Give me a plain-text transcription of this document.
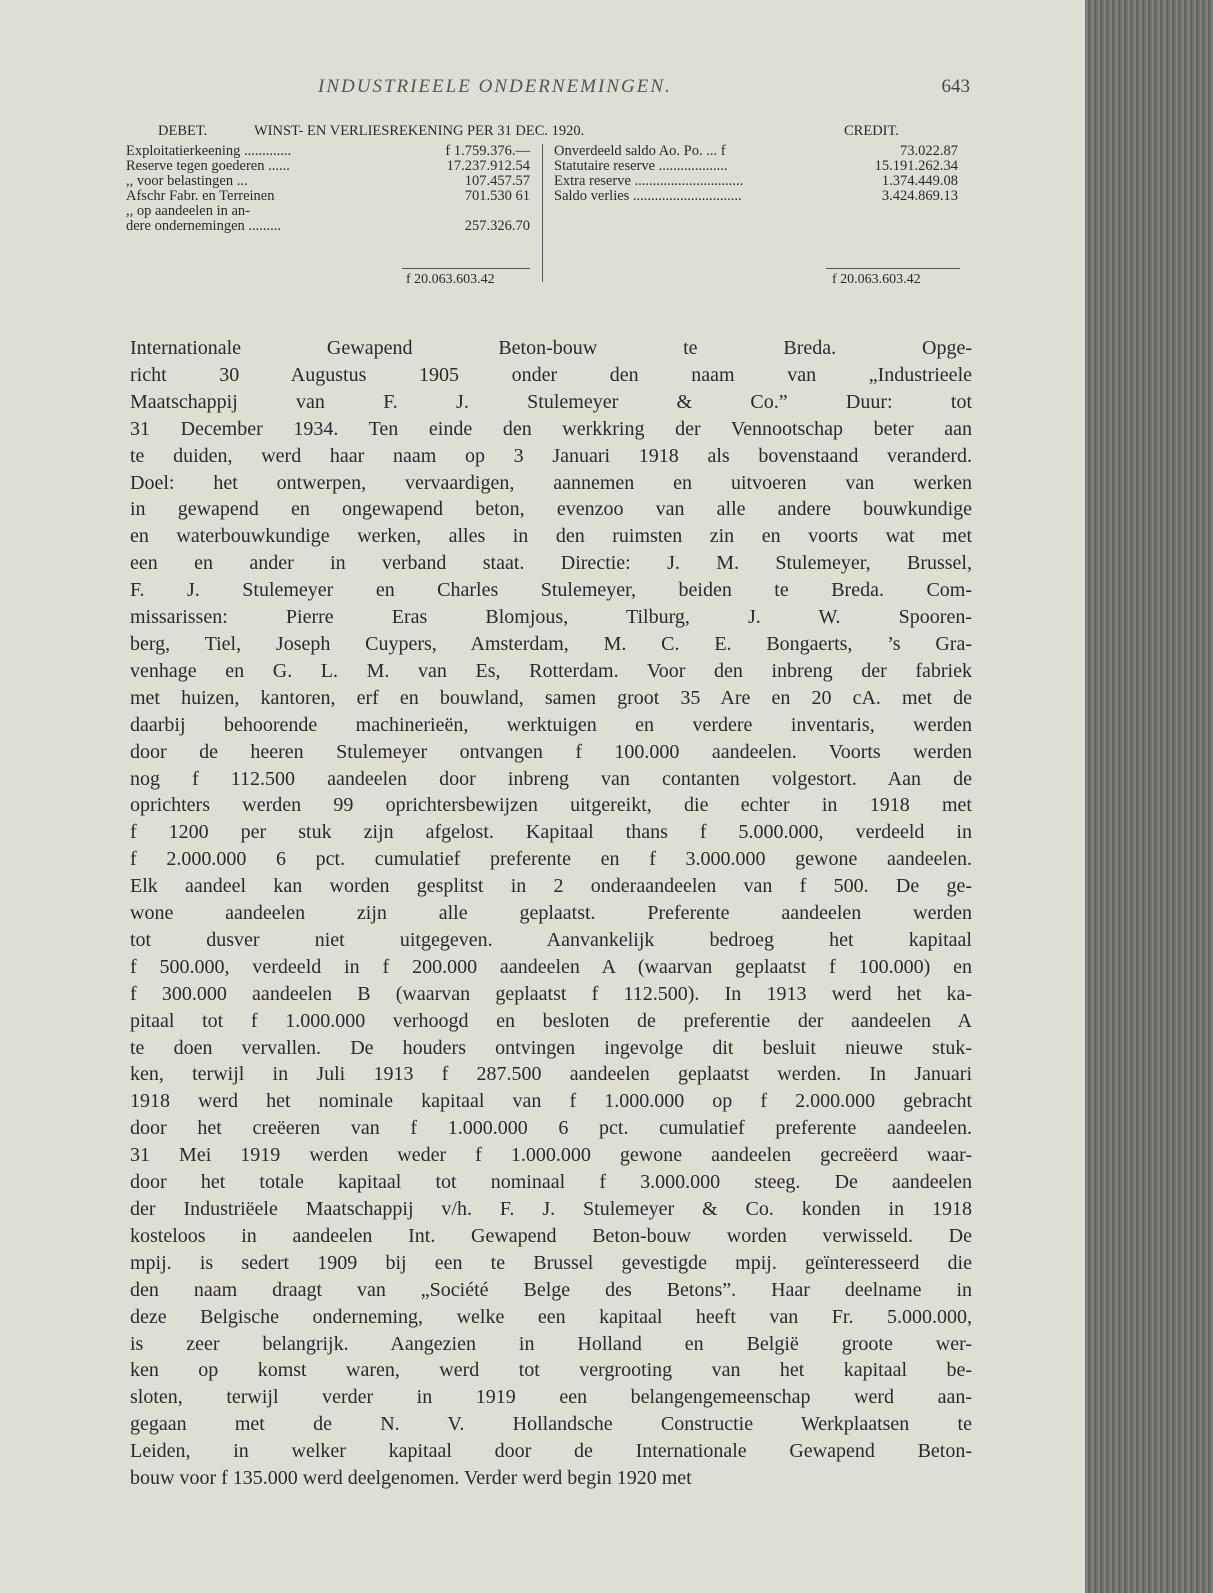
INDUSTRIEELE ONDERNEMINGEN.	643
DEBET.	WINST- EN VERLIESREKENING PER 31 DEC. 1920.	CREDIT.
Exploitatierkeening .............	f 1.759.376.—
Reserve tegen goederen ......	17.237.912.54
,, voor belastingen ...	107.457.57
Afschr Fabr. en Terreinen	701.530 61
,, op aandeelen in an-
dere ondernemingen .........	257.326.70
Onverdeeld saldo Ao. Po. ... f	73.022.87
Statutaire reserve ...................	15.191.262.34
Extra reserve ..............................	1.374.449.08
Saldo verlies ..............................	3.424.869.13
f 20.063.603.42	f 20.063.603.42
Internationale Gewapend Beton-bouw te Breda. Opge-
richt 30 Augustus 1905 onder den naam van „Industrieele
Maatschappij van F. J. Stulemeyer & Co.” Duur: tot
31 December 1934. Ten einde den werkkring der Vennootschap beter aan
te duiden, werd haar naam op 3 Januari 1918 als bovenstaand veranderd.
Doel: het ontwerpen, vervaardigen, aannemen en uitvoeren van werken
in gewapend en ongewapend beton, evenzoo van alle andere bouwkundige
en waterbouwkundige werken, alles in den ruimsten zin en voorts wat met
een en ander in verband staat. Directie: J. M. Stulemeyer, Brussel,
F. J. Stulemeyer en Charles Stulemeyer, beiden te Breda. Com-
missarissen: Pierre Eras Blomjous, Tilburg, J. W. Spooren-
berg, Tiel, Joseph Cuypers, Amsterdam, M. C. E. Bongaerts, ’s Gra-
venhage en G. L. M. van Es, Rotterdam. Voor den inbreng der fabriek
met huizen, kantoren, erf en bouwland, samen groot 35 Are en 20 cA. met de
daarbij behoorende machinerieën, werktuigen en verdere inventaris, werden
door de heeren Stulemeyer ontvangen f 100.000 aandeelen. Voorts werden
nog f 112.500 aandeelen door inbreng van contanten volgestort. Aan de
oprichters werden 99 oprichtersbewijzen uitgereikt, die echter in 1918 met
f 1200 per stuk zijn afgelost. Kapitaal thans f 5.000.000, verdeeld in
f 2.000.000 6 pct. cumulatief preferente en f 3.000.000 gewone aandeelen.
Elk aandeel kan worden gesplitst in 2 onderaandeelen van f 500. De ge-
wone aandeelen zijn alle geplaatst. Preferente aandeelen werden
tot dusver niet uitgegeven. Aanvankelijk bedroeg het kapitaal
f 500.000, verdeeld in f 200.000 aandeelen A (waarvan geplaatst f 100.000) en
f 300.000 aandeelen B (waarvan geplaatst f 112.500). In 1913 werd het ka-
pitaal tot f 1.000.000 verhoogd en besloten de preferentie der aandeelen A
te doen vervallen. De houders ontvingen ingevolge dit besluit nieuwe stuk-
ken, terwijl in Juli 1913 f 287.500 aandeelen geplaatst werden. In Januari
1918 werd het nominale kapitaal van f 1.000.000 op f 2.000.000 gebracht
door het creëeren van f 1.000.000 6 pct. cumulatief preferente aandeelen.
31 Mei 1919 werden weder f 1.000.000 gewone aandeelen gecreëerd waar-
door het totale kapitaal tot nominaal f 3.000.000 steeg. De aandeelen
der Industriëele Maatschappij v/h. F. J. Stulemeyer & Co. konden in 1918
kosteloos in aandeelen Int. Gewapend Beton-bouw worden verwisseld. De
mpij. is sedert 1909 bij een te Brussel gevestigde mpij. geïnteresseerd die
den naam draagt van „Société Belge des Betons”. Haar deelname in
deze Belgische onderneming, welke een kapitaal heeft van Fr. 5.000.000,
is zeer belangrijk. Aangezien in Holland en België groote wer-
ken op komst waren, werd tot vergrooting van het kapitaal be-
sloten, terwijl verder in 1919 een belangengemeenschap werd aan-
gegaan met de N. V. Hollandsche Constructie Werkplaatsen te
Leiden, in welker kapitaal door de Internationale Gewapend Beton-
bouw voor f 135.000 werd deelgenomen. Verder werd begin 1920 met
